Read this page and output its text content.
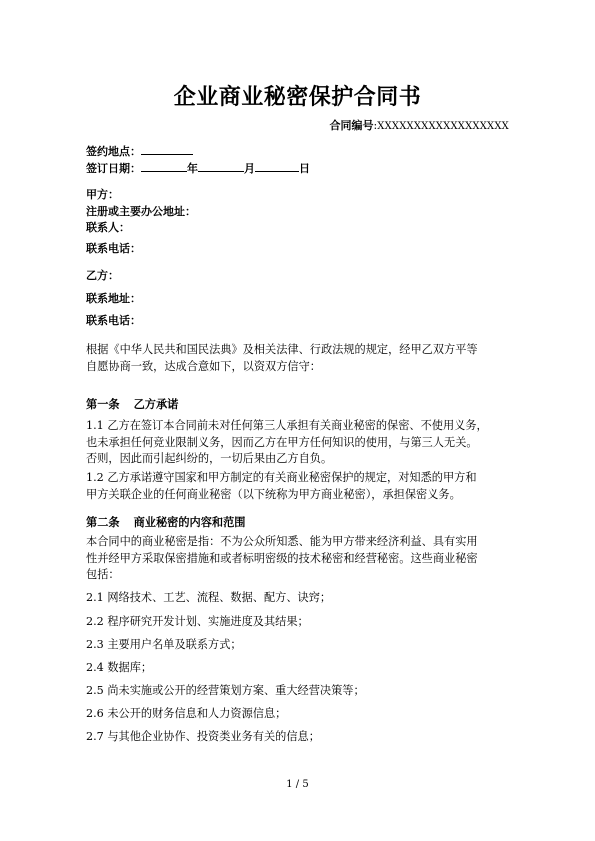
企业商业秘密保护合同书
合同编号:XXXXXXXXXXXXXXXXXX
签约地点：
签订日期：	年	月	日
甲方：
注册或主要办公地址：
联系人：
联系电话：
乙方：
联系地址：
联系电话：
根据《中华人民共和国民法典》及相关法律、行政法规的规定，经甲乙双方平等
自愿协商一致，达成合意如下，以资双方信守：
第一条 乙方承诺
1.1 乙方在签订本合同前未对任何第三人承担有关商业秘密的保密、不使用义务，
也未承担任何竞业限制义务，因而乙方在甲方任何知识的使用，与第三人无关。
否则，因此而引起纠纷的，一切后果由乙方自负。
1.2 乙方承诺遵守国家和甲方制定的有关商业秘密保护的规定，对知悉的甲方和
甲方关联企业的任何商业秘密（以下统称为甲方商业秘密），承担保密义务。
第二条 商业秘密的内容和范围
本合同中的商业秘密是指：不为公众所知悉、能为甲方带来经济利益、具有实用
性并经甲方采取保密措施和或者标明密级的技术秘密和经营秘密。这些商业秘密
包括：
2.1 网络技术、工艺、流程、数据、配方、诀窍；
2.2 程序研究开发计划、实施进度及其结果；
2.3 主要用户名单及联系方式；
2.4 数据库；
2.5 尚未实施或公开的经营策划方案、重大经营决策等；
2.6 未公开的财务信息和人力资源信息；
2.7 与其他企业协作、投资类业务有关的信息；
1 / 5
